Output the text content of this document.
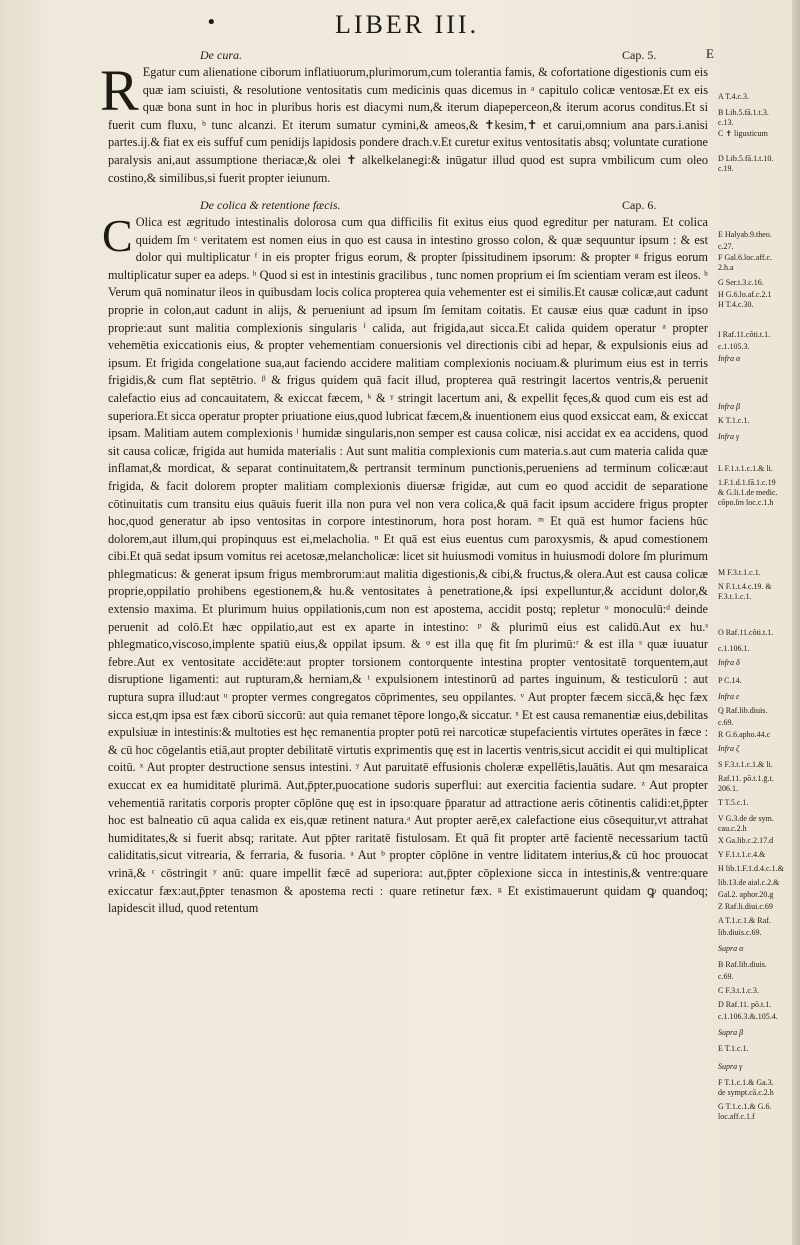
•	LIBER III.
E
De cura.	Cap. 5.
R Egatur cum alienatione ciborum inflatiuorum,plurimorum,cum tolerantia famis, & cofortatione digestionis cum eis quæ iam sciuisti, & resolutione ventositatis cum medicinis quas dicemus in ᵃ capitulo colicæ ventosæ.Et ex eis quæ bona sunt in hoc in pluribus horis est diacymi num,& iterum diapeperceon,& iterum acorus conditus.Et si fuerit cum fluxu, ᵇ tunc alcanzi. Et iterum sumatur cymini,& ameos,& ✝kesim,✝ et carui,omnium ana pars.i.anisi partes.ij.& fiat ex eis suffuf cum penidijs lapidosis pondere drach.v.Et curetur exitus ventositatis absq; voluntate curatione paralysis ani,aut assumptione theriacæ,& olei ✝ alkelkelanegi:& inūgatur illud quod est supra vmbilicum cum oleo costino,& similibus,si fuerit propter ieiunum.
De colica & retentione fæcis.	Cap. 6.
C Olica est ægritudo intestinalis dolorosa cum qua difficilis fit exitus eius quod egreditur per naturam. Et colica quidem ſm ᶜ veritatem est nomen eius in quo est causa in intestino grosso colon, & quæ sequuntur ipsum : & est dolor qui multiplicatur ᶠ in eis propter frigus eorum, & propter ſpissitudinem ipsorum: & propter ᵍ frigus eorum multiplicatur super ea adeps. ʰ Quod si est in intestinis gracilibus , tunc nomen proprium ei ſm scientiam veram est ileos. ʰ Verum quā nominatur ileos in quibusdam locis colica propterea quia vehementer est ei similis.Et causæ colicæ,aut cadunt proprie in colon,aut cadunt in alijs, & perueniunt ad ipsum ſm ſemitam coitatis. Et causæ eius quæ cadunt in ipso proprie:aut sunt malitia complexionis singularis ⁱ calida, aut frigida,aut sicca.Et calida quidem operatur ᵃ propter vehemētia exiccationis eius, & propter vehementiam conuersionis vel directionis cibi ad hepar, & expulsionis eius ad ipsum. Et frigida congelatione sua,aut faciendo accidere malitiam complexionis nociuam.& plurimum eius est in terris frigidis,& cum flat septētrio. ᵝ & frigus quidem quā facit illud, propterea quā restringit lacertos ventris,& peruenit calefactio eius ad concauitatem, & exiccat fæcem, ᵏ & ᵞ stringit lacertum ani, & expellit fęces,& quod cum eis est ad superiora.Et sicca operatur propter priuatione eius,quod lubricat fæcem,& inuentionem eius quod exsiccat eam, & exiccat ipsam. Malitiam autem complexionis ˡ humidæ singularis,non semper est causa colicæ, nisi accidat ex ea accidens, quod sit causa colicæ, frigida aut humida materialis : Aut sunt malitia complexionis cum materia.s.aut cum materia calida quæ inflamat,& mordicat, & separat continuitatem,& pertransit terminum punctionis,perueniens ad terminum colicæ:aut frigida, & facit dolorem propter malitiam complexionis diuersæ frigidæ, aut cum eo quod accidit de separatione cōtinuitatis cum transitu eius quāuis fuerit illa non pura vel non vera colica,& quā facit ipsum accidere frigus propter hoc,quod generatur ab ipso ventositas in corpore intestinorum, hora post horam. ᵐ Et quā est humor faciens hūc dolorem,aut illum,qui propinquus est ei,melacholia. ⁿ Et quā est eius euentus cum paroxysmis, & apud comestionem cibi.Et quā sedat ipsum vomitus rei acetosæ,melancholicæ: licet sit huiusmodi vomitus in huiusmodi dolore ſm plurimum phlegmaticus: & generat ipsum frigus membrorum:aut malitia digestionis,& cibi,& fructus,& olera.Aut est causa colicæ proprie,oppilatio prohibens egestionem,& hu.& ventositates à penetratione,& ipsi expelluntur,& accidunt dolor,& extensio maxima. Et plurimum huius oppilationis,cum non est apostema, accidit postq; repletur ᵒ monoculū:ᵈ deinde peruenit ad colō.Et hæc oppilatio,aut est ex aparte in intestino: ᵖ & plurimū eius est calidū.Aut ex hu.ˢ phlegmatico,viscoso,implente spatiū eius,& oppilat ipsum. & ᵠ est illa quę fit ſm plurimū:ʳ & est illa ˢ quæ iuuatur febre.Aut ex ventositate accidēte:aut propter torsionem contorquente intestina propter ventositatē torquentem,aut disruptione ligamenti: aut rupturam,& herniam,& ᵗ expulsionem intestinorū ad partes inguinum, & testiculorū : aut ruptura supra illud:aut ᵘ propter vermes congregatos cōprimentes, seu oppilantes. ᵛ Aut propter fæcem siccā,& hęc fæx sicca est,qm ipsa est fæx ciborū siccorū: aut quia remanet tēpore longo,& siccatur. ˣ Et est causa remanentiæ eius,debilitas expulsiuæ in intestinis:& multoties est hęc remanentia propter potū rei narcoticæ stupefacientis virtutes operātes in fæce : & cū hoc cōgelantis etiā,aut propter debilitatē virtutis exprimentis quę est in lacertis ventris,sicut accidit ei qui multiplicat coitū. ˣ Aut propter destructione sensus intestini. ʸ Aut paruitatē effusionis choleræ expellētis,lauātis. Aut qm mesaraica exuccat ex ea humiditatē plurimā. Aut,p̄pter,puocatione sudoris superflui: aut exercitia facientia sudare. ᶻ Aut propter vehementiā raritatis corporis propter cōplōne quę est in ipso:quare p̄paratur ad attractione aeris cōtinentis calidi:et,p̄pter hoc est balneatio cū aqua calida ex eis,quæ retinent natura.ᵃ Aut propter aerē,ex calefactione eius cōsequitur,vt attrahat humiditates,& si fuerit absq; raritate. Aut pp̄ter raritatē fistulosam. Et quā fit propter artē facientē necessarium tactū caliditatis,sicut vitrearia, & ferraria, & fusoria. ᵃ Aut ᵇ propter cōplōne in ventre liditatem interius,& cū hoc prouocat vrinā,& ᶜ cōstringit ʸ anū: quare impellit fæcē ad superiora: aut,p̄pter cōplexione sicca in intestinis,& ventre:quare exiccatur fæx:aut,p̄pter tenasmon & apostema recti : quare retinetur fæx. ᵍ Et existimauerunt quidam ꝙ quandoq; lapidescit illud, quod retentum
A T.4.c.3.
B Lib.5.fā.1.t.3.
c.13.
C ✝ ligusticum
D Lib.5.fā.1.t.10.
c.19.
E Halyab.9.theo.
c.27.
F Gal.6.loc.aff.c.
2.h.a
G Ser.t.3.c.16.
H G.6.lo.af.c.2.1
H T.4.c.30.
I Raf.11.côti.t.1.
c.1.105.3.
Infra α
Infra β
K T.1.c.1.
Infra γ
L F.1.t.1.c.1.& li.
1.F.1.d.1.fā.1.c.19
& G.li.1.de medic.
cōpo.ſm loc.c.1.h
M F.3.t.1.c.1.
N F.1.t.4.c.19. &
F.3.t.1.c.1.
O Raf.11.côti.t.1.
c.1.106.1.
Infra δ
P C.14.
Infra ε
Q Raf.lib.diuis.
c.69.
R G.6.apho.44.c
Infra ζ
S F.3.t.1.c.1.& li.
Raf.11. pō.t.1.ḡ.t.
206.1.
T T.5.c.1.
V G.3.de de sym.
cau.c.2.h
X Ga.lib.c.2.17.d
Y F.1.t.1.c.4.&
H lib.1.F.1.d.4.c.1.&
lib.13.de aial.c.2.&
Gal.2. aphor.20.g
Z Raf.li.diui.c.69
A T.1.c.1.& Raf.
lib.diuis.c.69.
Supra α
B Raf.lib.diuis.
c.69.
C F.3.t.1.c.3.
D Raf.11. pō.t.1.
c.1.106.3.&.105.4.
Supra β
E T.1.c.1.
Supra γ
F T.1.c.1.& Ga.3.
de sympt.cā.c.2.h
G T.1.c.1.& G.6.
loc.aff.c.1.f
